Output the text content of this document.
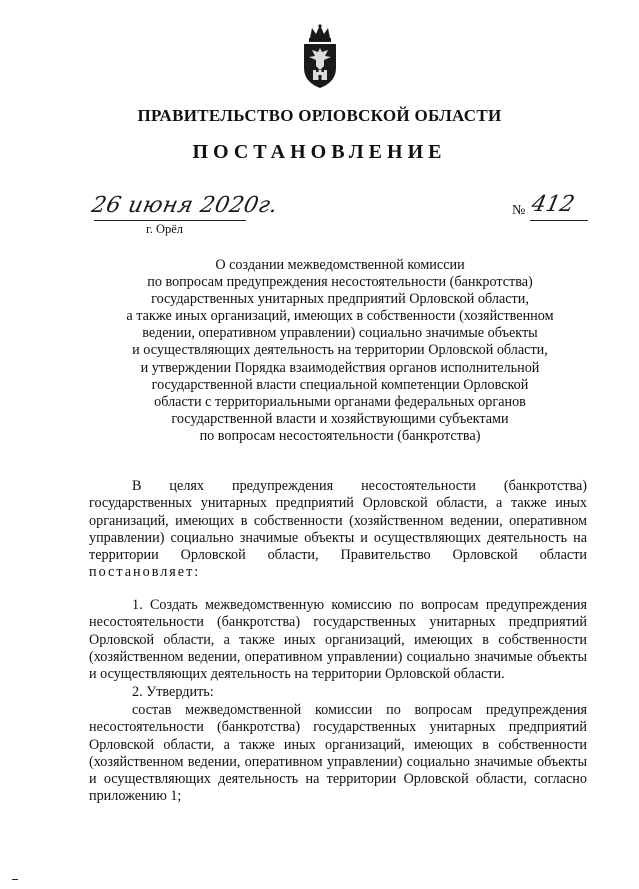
ПРАВИТЕЛЬСТВО ОРЛОВСКОЙ ОБЛАСТИ
ПОСТАНОВЛЕНИЕ
26 июня 2020г.	№ 412
г. Орёл
О создании межведомственной комиссии
по вопросам предупреждения несостоятельности (банкротства)
государственных унитарных предприятий Орловской области,
а также иных организаций, имеющих в собственности (хозяйственном
ведении, оперативном управлении) социально значимые объекты
и осуществляющих деятельность на территории Орловской области,
и утверждении Порядка взаимодействия органов исполнительной
государственной власти специальной компетенции Орловской
области с территориальными органами федеральных органов
государственной власти и хозяйствующими субъектами
по вопросам несостоятельности (банкротства)
В целях предупреждения несостоятельности (банкротства) государственных унитарных предприятий Орловской области, а также иных организаций, имеющих в собственности (хозяйственном ведении, оперативном управлении) социально значимые объекты и осуществляющих деятельность на территории Орловской области, Правительство Орловской области постановляет:
1. Создать межведомственную комиссию по вопросам предупреждения несостоятельности (банкротства) государственных унитарных предприятий Орловской области, а также иных организаций, имеющих в собственности (хозяйственном ведении, оперативном управлении) социально значимые объекты и осуществляющих деятельность на территории Орловской области.
2. Утвердить:
состав межведомственной комиссии по вопросам предупреждения несостоятельности (банкротства) государственных унитарных предприятий Орловской области, а также иных организаций, имеющих в собственности (хозяйственном ведении, оперативном управлении) социально значимые объекты и осуществляющих деятельность на территории Орловской области, согласно приложению 1;
